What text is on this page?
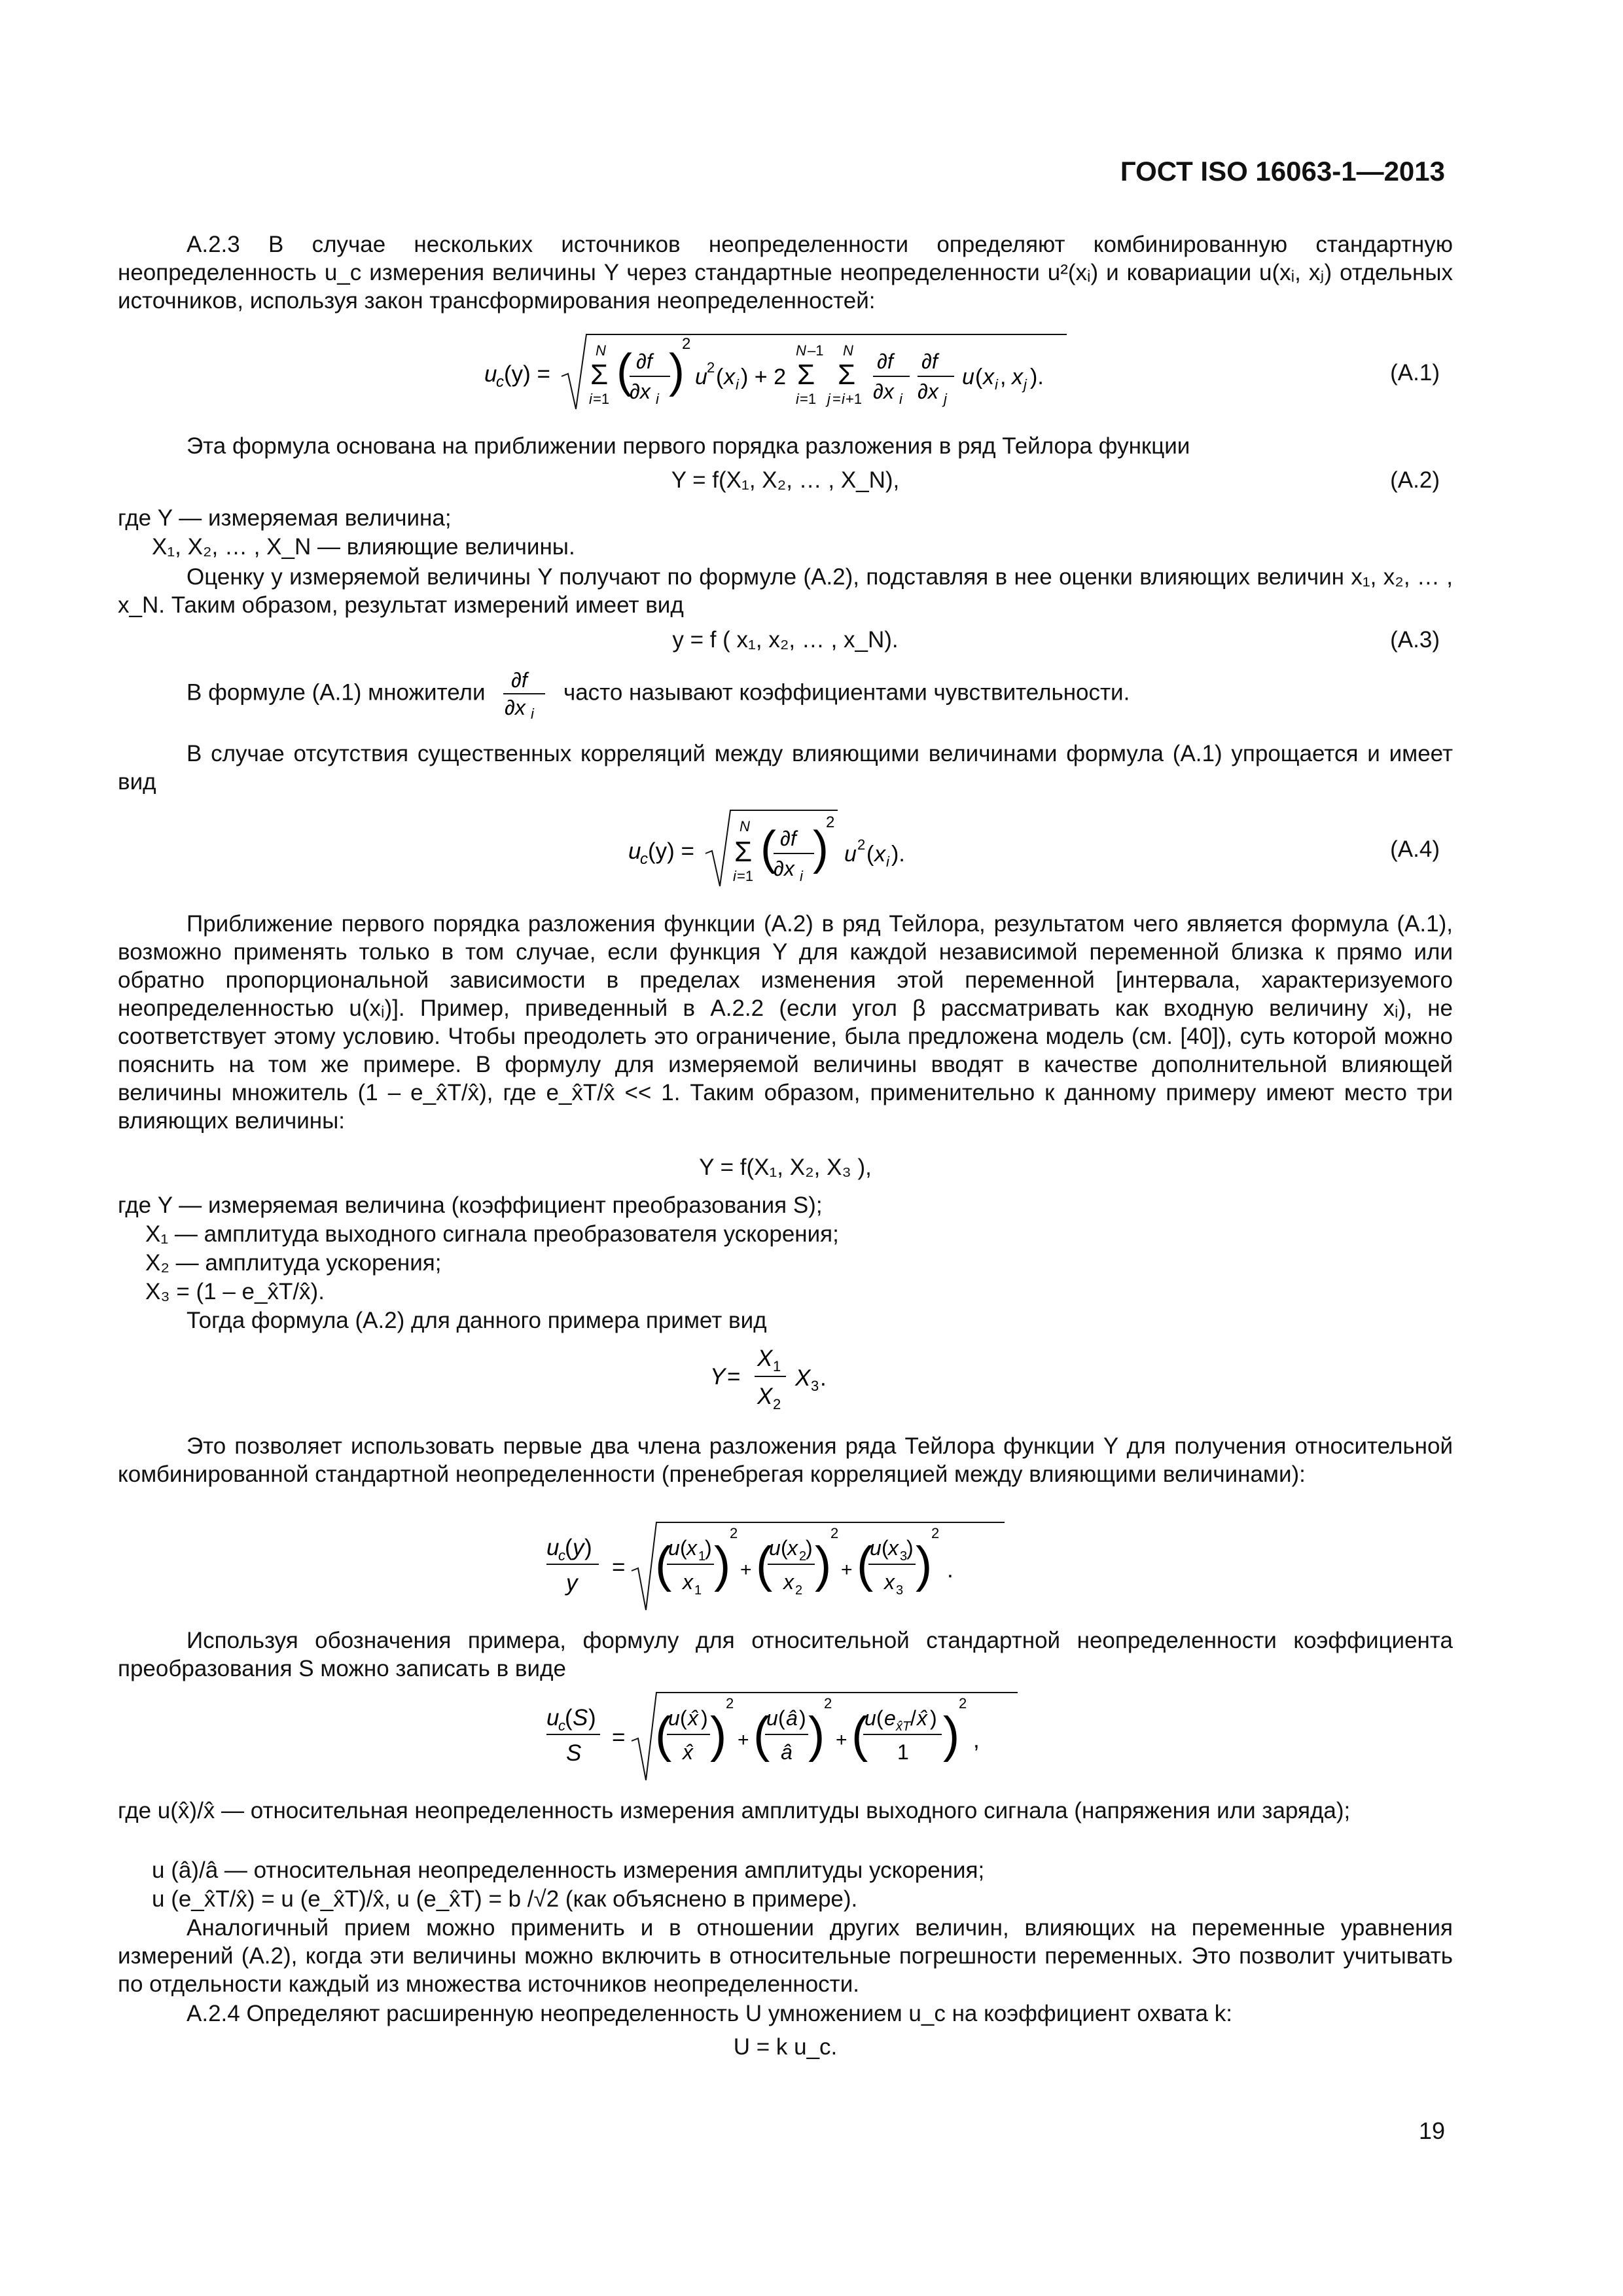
ГОСТ ISO 16063-1—2013
A.2.3 В случае нескольких источников неопределенности определяют комбинированную стандартную неопределенность u_c измерения величины Y через стандартные неопределенности u²(xᵢ) и ковариации u(xᵢ, xⱼ) отдельных источников, используя закон трансформирования неопределенностей:
u
c (y) =
N
Σ
i =1
( ∂f
∂x i
)
2
u 2 ( x i ) + 2
N –1
Σ
i =1
N
Σ
j = i +1
∂f
∂x i
∂f
∂x j
u ( x i , x j ).	(A.1)
Эта формула основана на приближении первого порядка разложения в ряд Тейлора функции
Y = f(X₁, X₂, … , X_N),	(A.2)
где Y — измеряемая величина;
X₁, X₂, … , X_N — влияющие величины.
Оценку y измеряемой величины Y получают по формуле (A.2), подставляя в нее оценки влияющих величин x₁, x₂, … , x_N. Таким образом, результат измерений имеет вид
y = f ( x₁, x₂, … , x_N).	(A.3)
В формуле (A.1) множители ∂f
∂x i
часто называют коэффициентами чувствительности.
В случае отсутствия существенных корреляций между влияющими величинами формула (A.1) упрощается и имеет вид
u
c (y) =
N
Σ
i =1
( ∂f
∂x i
)
2
u 2 ( x i ).	(A.4)
Приближение первого порядка разложения функции (A.2) в ряд Тейлора, результатом чего является формула (A.1), возможно применять только в том случае, если функция Y для каждой независимой переменной близка к прямо или обратно пропорциональной зависимости в пределах изменения этой переменной [интервала, характеризуемого неопределенностью u(xᵢ)]. Пример, приведенный в A.2.2 (если угол β рассматривать как входную величину xᵢ), не соответствует этому условию. Чтобы преодолеть это ограничение, была предложена модель (см. [40]), суть которой можно пояснить на том же примере. В формулу для измеряемой величины вводят в качестве дополнительной влияющей величины множитель (1 – e_x̂T/x̂), где e_x̂T/x̂ << 1. Таким образом, применительно к данному примеру имеют место три влияющих величины:
Y = f(X₁, X₂, X₃ ),
где Y — измеряемая величина (коэффициент преобразования S);
X₁ — амплитуда выходного сигнала преобразователя ускорения;
X₂ — амплитуда ускорения;
X₃ = (1 – e_x̂T/x̂).
Тогда формула (A.2) для данного примера примет вид
Y =
X 1
X 2
X 3 .
Это позволяет использовать первые два члена разложения ряда Тейлора функции Y для получения относительной комбинированной стандартной неопределенности (пренебрегая корреляцией между влияющими величинами):
u
c ( y )
y
= (
u ( x 1
)
x 1 )
2
+ (
u ( x 2
)
x 2 )
2
+ (
u ( x 3
)
x 3 )
2
.
Используя обозначения примера, формулу для относительной стандартной неопределенности коэффициента преобразования S можно записать в виде
u
c ( S )
S
= (
u ( x̂ )
x̂ )
2
+ (
u ( â )
â )
2
+ (
u ( e x̂T / x̂ )
1 )
2
,
где u(x̂)/x̂ — относительная неопределенность измерения амплитуды выходного сигнала (напряжения или заряда);
u (â)/â — относительная неопределенность измерения амплитуды ускорения;
u (e_x̂T/x̂) = u (e_x̂T)/x̂, u (e_x̂T) = b /√2 (как объяснено в примере).
Аналогичный прием можно применить и в отношении других величин, влияющих на переменные уравнения измерений (A.2), когда эти величины можно включить в относительные погрешности переменных. Это позволит учитывать по отдельности каждый из множества источников неопределенности.
A.2.4 Определяют расширенную неопределенность U умножением u_c на коэффициент охвата k:
U = k u_c.
19
